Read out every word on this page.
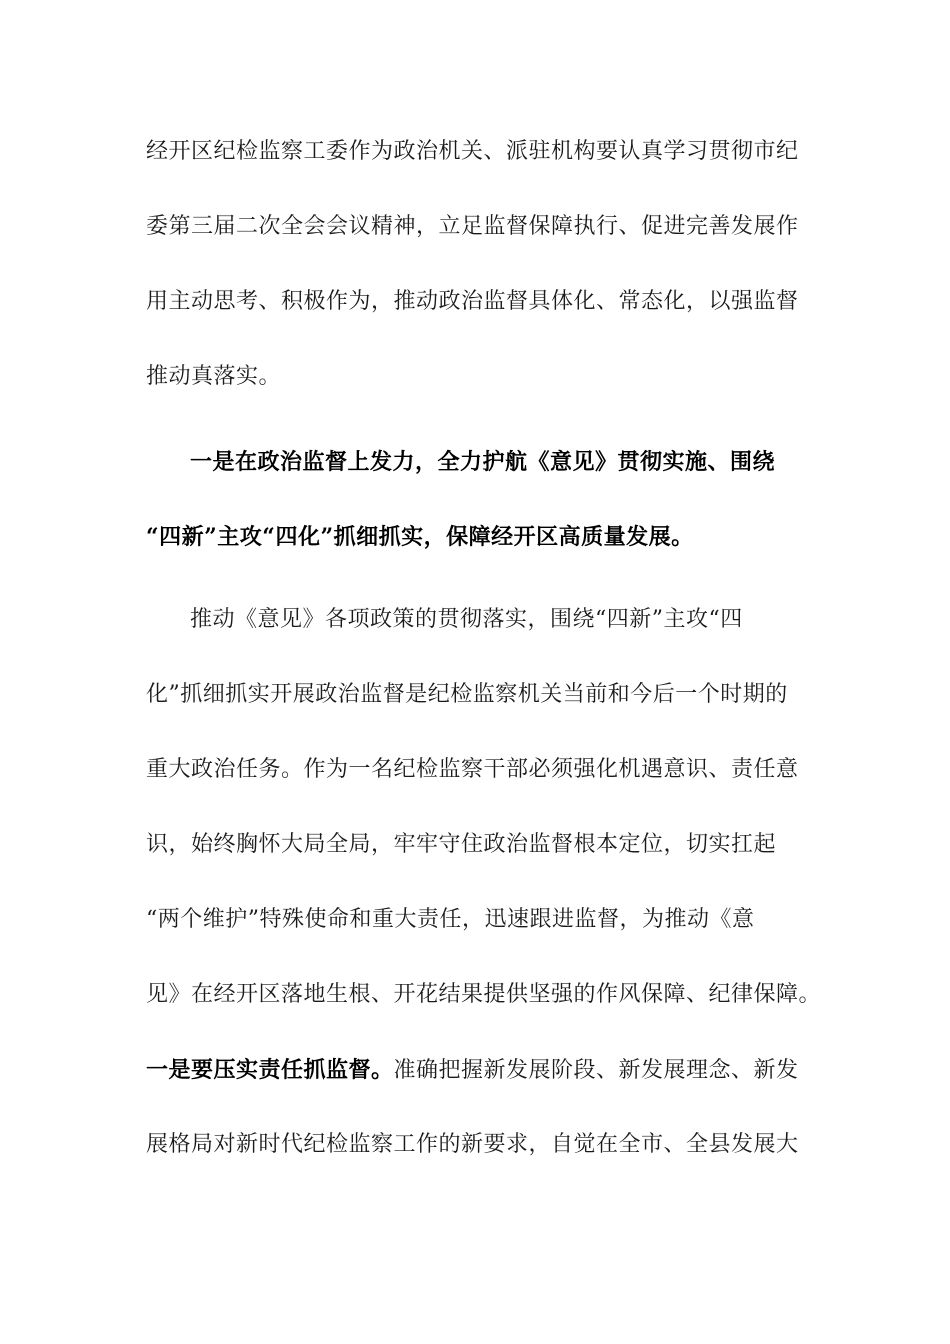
经开区纪检监察工委作为政治机关、派驻机构要认真学习贯彻市纪
委第三届二次全会会议精神，立足监督保障执行、促进完善发展作
用主动思考、积极作为，推动政治监督具体化、常态化，以强监督
推动真落实。
一是在政治监督上发力，全力护航《意见》贯彻实施、围绕
“四新”主攻“四化”抓细抓实，保障经开区高质量发展。
推动《意见》各项政策的贯彻落实，围绕“四新”主攻“四
化”抓细抓实开展政治监督是纪检监察机关当前和今后一个时期的
重大政治任务。作为一名纪检监察干部必须强化机遇意识、责任意
识，始终胸怀大局全局，牢牢守住政治监督根本定位，切实扛起
“两个维护”特殊使命和重大责任，迅速跟进监督，为推动《意
见》在经开区落地生根、开花结果提供坚强的作风保障、纪律保障。
一是要压实责任抓监督。准确把握新发展阶段、新发展理念、新发
展格局对新时代纪检监察工作的新要求，自觉在全市、全县发展大
